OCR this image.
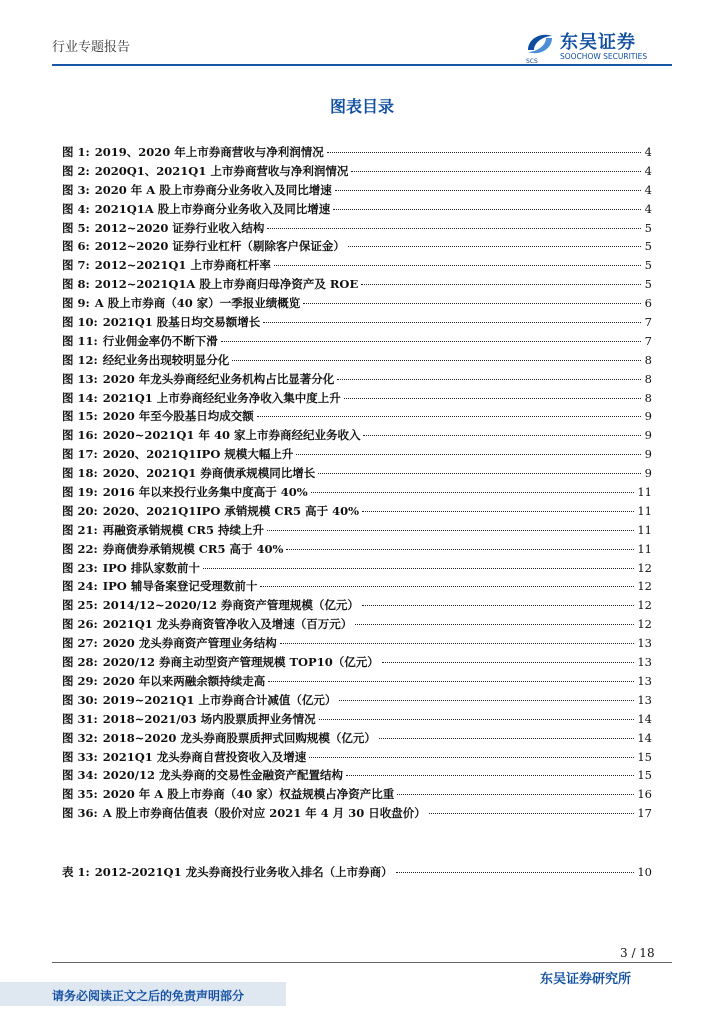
行业专题报告
SCS
东吴证券
SOOCHOW SECURITIES
图表目录
图 1: 2019、2020 年上市券商营收与净利润情况	4
图 2: 2020Q1、2021Q1 上市券商营收与净利润情况	4
图 3: 2020 年 A 股上市券商分业务收入及同比增速	4
图 4: 2021Q1A 股上市券商分业务收入及同比增速	4
图 5: 2012~2020 证券行业收入结构	5
图 6: 2012~2020 证券行业杠杆（剔除客户保证金）	5
图 7: 2012~2021Q1 上市券商杠杆率	5
图 8: 2012~2021Q1A 股上市券商归母净资产及 ROE	5
图 9: A 股上市券商（40 家）一季报业绩概览	6
图 10: 2021Q1 股基日均交易额增长	7
图 11: 行业佣金率仍不断下滑	7
图 12: 经纪业务出现较明显分化	8
图 13: 2020 年龙头券商经纪业务机构占比显著分化	8
图 14: 2021Q1 上市券商经纪业务净收入集中度上升	8
图 15: 2020 年至今股基日均成交额	9
图 16: 2020~2021Q1 年 40 家上市券商经纪业务收入	9
图 17: 2020、2021Q1IPO 规模大幅上升	9
图 18: 2020、2021Q1 券商债承规模同比增长	9
图 19: 2016 年以来投行业务集中度高于 40%	11
图 20: 2020、2021Q1IPO 承销规模 CR5 高于 40%	11
图 21: 再融资承销规模 CR5 持续上升	11
图 22: 券商债券承销规模 CR5 高于 40%	11
图 23: IPO 排队家数前十	12
图 24: IPO 辅导备案登记受理数前十	12
图 25: 2014/12~2020/12 券商资产管理规模（亿元）	12
图 26: 2021Q1 龙头券商资管净收入及增速（百万元）	12
图 27: 2020 龙头券商资产管理业务结构	13
图 28: 2020/12 券商主动型资产管理规模 TOP10（亿元）	13
图 29: 2020 年以来两融余额持续走高	13
图 30: 2019~2021Q1 上市券商合计减值（亿元）	13
图 31: 2018~2021/03 场内股票质押业务情况	14
图 32: 2018~2020 龙头券商股票质押式回购规模（亿元）	14
图 33: 2021Q1 龙头券商自营投资收入及增速	15
图 34: 2020/12 龙头券商的交易性金融资产配置结构	15
图 35: 2020 年 A 股上市券商（40 家）权益规模占净资产比重	16
图 36: A 股上市券商估值表（股价对应 2021 年 4 月 30 日收盘价）	17
表 1: 2012-2021Q1 龙头券商投行业务收入排名（上市券商）	10
3 / 18
东吴证券研究所
请务必阅读正文之后的免责声明部分
